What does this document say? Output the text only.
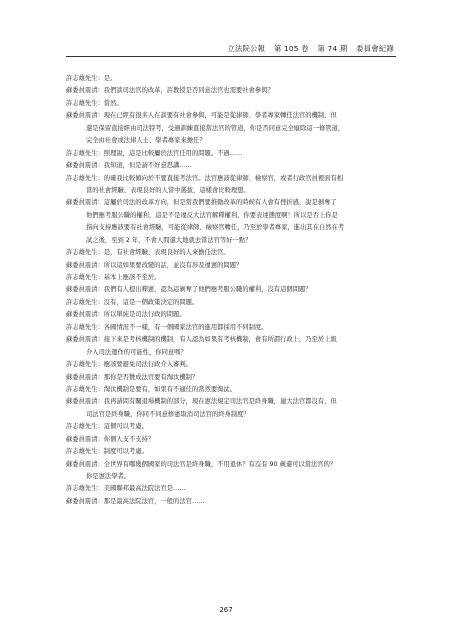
立法院公報 第 105 卷 第 74 期 委員會紀錄
許志雄先生：是。
蘇委員震清：我們談司法官的改革，許教授是否同意法官也需要社會參與？
許志雄先生：當然。
蘇委員震清：現在已經有很多人在談要有社會參與，可能是從律師、學者專家轉任法官的機制，但
還是保留直接經由司法特考，受過訓練直接當法官的管道，你是否同意完全廢除這一條管道，
完全由社會或法律人士、學者專家來擔任？
許志雄先生：照理說，這是比較屬於法官任用的問題。不過……
蘇委員震清：我知道，但是請不好意思講……
許志雄先生：的確我比較傾向於不要直接考法官。法官應該從律師、檢察官，或者行政官員裡面有相
當的社會經驗、表現良好的人當中選拔，這樣會比較理想。
蘇委員震清：這屬於司法的改革方向，但是當我們要推動改革的時候有人會有挫折感，說是剝奪了
他們應考服公職的權利，這是不是違反大法官解釋權利，你要表達態度啊！所以是否上你是
指向支持應該要有社會經驗，可能從律師、檢察官轉任，乃至於學者專家，進出其在自然在考
試之後，至到 2 年，不會人間還大地就去當法官等好一點？
許志雄先生：是，有社會經驗、表現良好的人來擔任法官。
蘇委員震清：所以這如果要改變的話，並沒有涉及違憲的問題？
許志雄先生：基本上應該不至於。
蘇委員震清：我們有人提出釋憲，認為這剝奪了他們應考服公職的權利，沒有這個問題？
許志雄先生：沒有，這是一個政策決定的問題。
蘇委員震清：所以單純是司法行政的問題。
許志雄先生：各國情況不一樣，有一個國家法官的進用都採用不同制度。
蘇委員震清：接下來是考核機制的機制，有人認為如果有考核機制，會有所謂行政上，乃至於上級
介入司法運作的可能性，你同意嗎？
許志雄先生：應該要避免司法行政介入審判。
蘇委員震清：那你是否贊成法官要有淘汰機制？
許志雄先生：淘汰機制是要有，如果有不適任的當然要淘汰。
蘇委員震清：我再請問有關退場機制的部分，現在憲法規定司法官是終身職，連大法官都沒有，但
司法官是終身職，你同不同意修憲取消司法官的終身制度？
許志雄先生：這個可以考慮。
蘇委員震清：你個人支不支持？
許志雄先生：制度可以考慮。
蘇委員震清：全世界有哪幾個國家的司法官是終身職，不用退休？有沒有 90 歲還可以當法官的？
你是憲法學者。
許志雄先生：美國聯邦最高法院法官是……
蘇委員震清：那是最高法院法官，一般的法官……
267
